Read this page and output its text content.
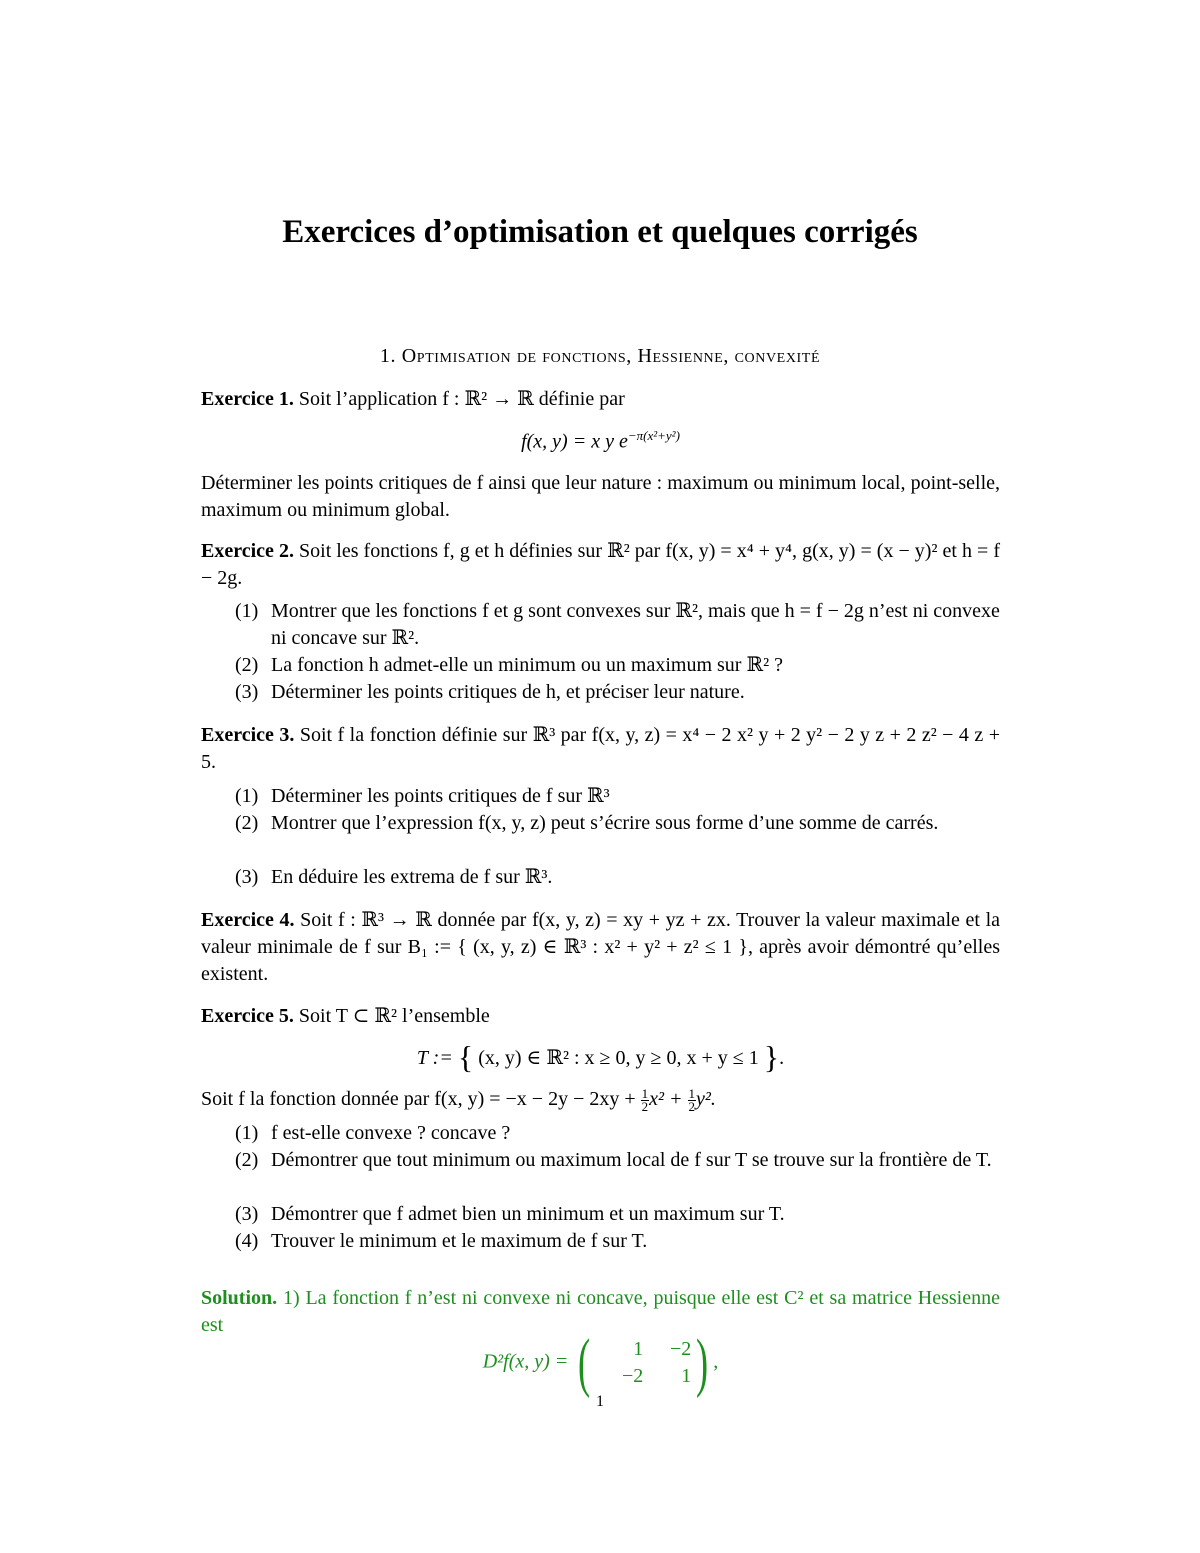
Exercices d’optimisation et quelques corrigés
1. Optimisation de fonctions, Hessienne, convexité
Exercice 1. Soit l’application f : ℝ² → ℝ définie par
f(x, y) = x y $e^{-\pi(x^2+y^2)}$
Déterminer les points critiques de f ainsi que leur nature : maximum ou minimum local, point-selle, maximum ou minimum global.
Exercice 2. Soit les fonctions f, g et h définies sur ℝ² par f(x, y) = x⁴ + y⁴, g(x, y) = (x − y)² et h = f − 2g.
(1) Montrer que les fonctions f et g sont convexes sur ℝ², mais que h = f − 2g n’est ni convexe ni concave sur ℝ².
(2) La fonction h admet-elle un minimum ou un maximum sur ℝ² ?
(3) Déterminer les points critiques de h, et préciser leur nature.
Exercice 3. Soit f la fonction définie sur ℝ³ par f(x, y, z) = x⁴ − 2 x² y + 2 y² − 2 y z + 2 z² − 4 z + 5.
(1) Déterminer les points critiques de f sur ℝ³
(2) Montrer que l’expression f(x, y, z) peut s’écrire sous forme d’une somme de carrés.
(3) En déduire les extrema de f sur ℝ³.
Exercice 4. Soit f : ℝ³ → ℝ donnée par f(x, y, z) = xy + yz + zx. Trouver la valeur maximale et la valeur minimale de f sur B₁ := { (x, y, z) ∈ ℝ³ : x² + y² + z² ≤ 1 }, après avoir démontré qu’elles existent.
Exercice 5. Soit T ⊂ ℝ² l’ensemble
T := { (x, y) ∈ ℝ² : x ≥ 0, y ≥ 0, x + y ≤ 1 }.
Soit f la fonction donnée par f(x, $y) = -x - 2y - 2xy + \frac{1}{2} x^2 + \frac{1}{2} y^2$.
(1) f est-elle convexe ? concave ?
(2) Démontrer que tout minimum ou maximum local de f sur T se trouve sur la frontière de T.
(3) Démontrer que f admet bien un minimum et un maximum sur T.
(4) Trouver le minimum et le maximum de f sur T.
Solution. 1) La fonction f n’est ni convexe ni concave, puisque elle est C² et sa matrice Hessienne est
D²f(x, y) = (	1	−2
−2	1 ) ,
1
